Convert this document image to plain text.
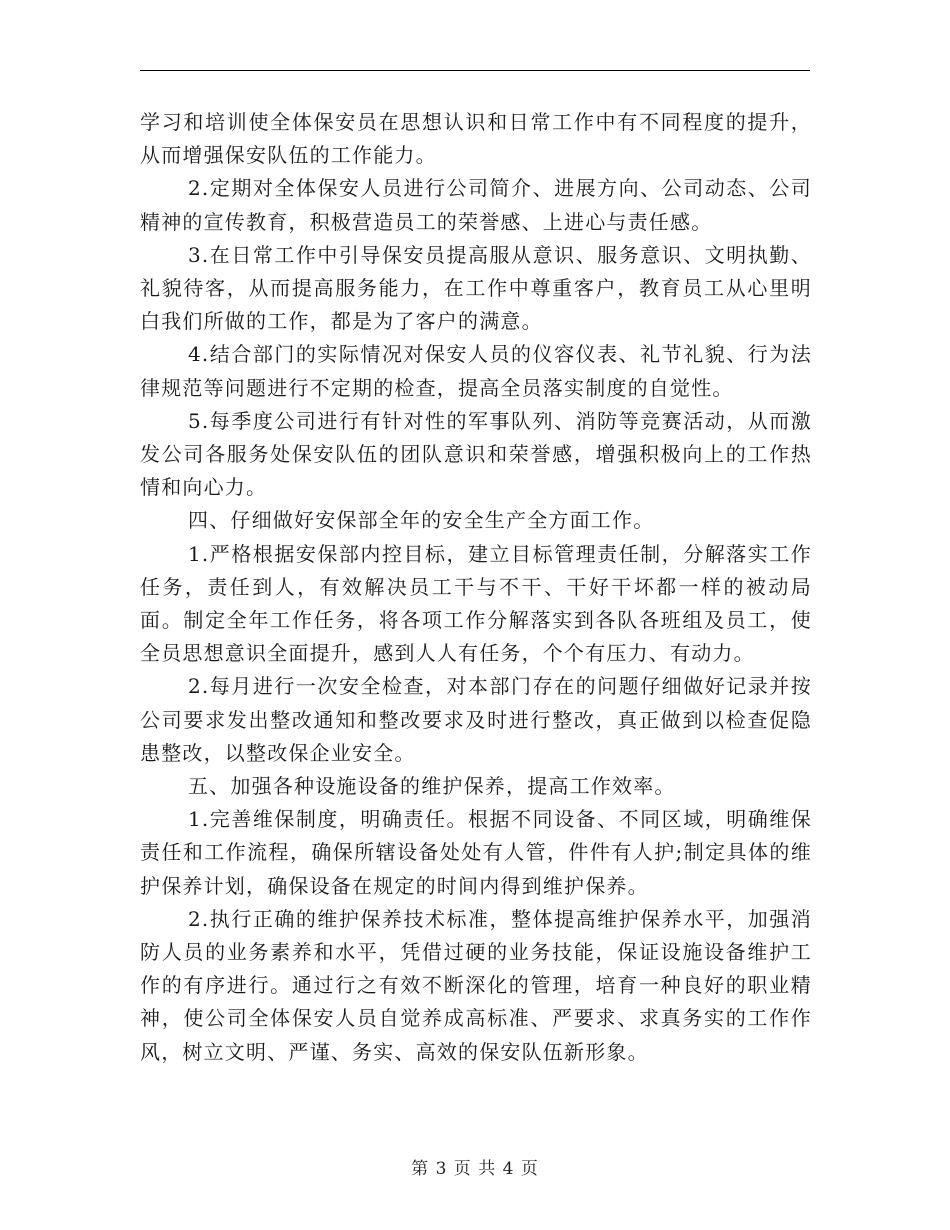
学习和培训使全体保安员在思想认识和日常工作中有不同程度的提升，从而增强保安队伍的工作能力。

2.定期对全体保安人员进行公司简介、进展方向、公司动态、公司精神的宣传教育，积极营造员工的荣誉感、上进心与责任感。

3.在日常工作中引导保安员提高服从意识、服务意识、文明执勤、礼貌待客，从而提高服务能力，在工作中尊重客户，教育员工从心里明白我们所做的工作，都是为了客户的满意。

4.结合部门的实际情况对保安人员的仪容仪表、礼节礼貌、行为法律规范等问题进行不定期的检查，提高全员落实制度的自觉性。

5.每季度公司进行有针对性的军事队列、消防等竞赛活动，从而激发公司各服务处保安队伍的团队意识和荣誉感，增强积极向上的工作热情和向心力。

四、仔细做好安保部全年的安全生产全方面工作。

1.严格根据安保部内控目标，建立目标管理责任制，分解落实工作任务，责任到人，有效解决员工干与不干、干好干坏都一样的被动局面。制定全年工作任务，将各项工作分解落实到各队各班组及员工，使全员思想意识全面提升，感到人人有任务，个个有压力、有动力。

2.每月进行一次安全检查，对本部门存在的问题仔细做好记录并按公司要求发出整改通知和整改要求及时进行整改，真正做到以检查促隐患整改，以整改保企业安全。

五、加强各种设施设备的维护保养，提高工作效率。

1.完善维保制度，明确责任。根据不同设备、不同区域，明确维保责任和工作流程，确保所辖设备处处有人管，件件有人护;制定具体的维护保养计划，确保设备在规定的时间内得到维护保养。

2.执行正确的维护保养技术标准，整体提高维护保养水平，加强消防人员的业务素养和水平，凭借过硬的业务技能，保证设施设备维护工作的有序进行。通过行之有效不断深化的管理，培育一种良好的职业精神，使公司全体保安人员自觉养成高标准、严要求、求真务实的工作作风，树立文明、严谨、务实、高效的保安队伍新形象。

第 3 页 共 4 页
